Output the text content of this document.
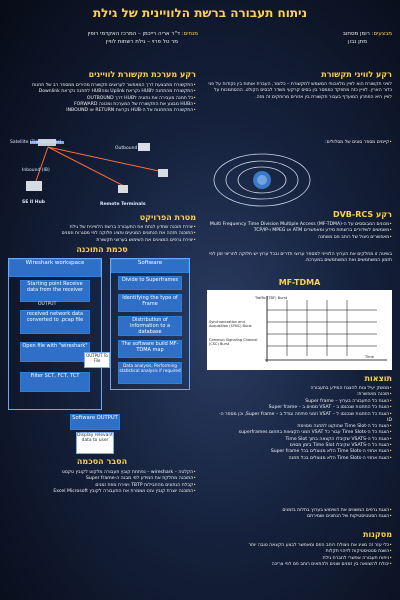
ניתוח תעבורה ברשת הלוויינית של גילת
מבצעים: רומן מסחוב
מתן נבון
מנחים: ד"ר אריה רייכמן – המרכז האקדמי רופין
מר טל פרוי – גילת רשתות לוויין
רקע לוויני תקשורת
לוויני תקשורת הוא לוויין מלאכותי המשמש לתקשורת – כלומר, העברת אותות בין נקודות על פני כדור הארץ. לוויין כזה מתפקד כממסר בין בסיס קרקעי משדר לבסיס הקולט. ההסתמכות על לוויין היא הפתרון המועדף בעבור תקשורת בין אזורים מרוחקים זה מזה.
• קיימים מספר סוגים של מסלולים:
רקע מערכת תקשורת לוויינים
• התקשורת מתבצעת דרך המאפשר לערוצים תקשורת מהירים ממספר רב של תחנות
• התקשורת מהתחנה לHUB נקראת Uplink ומהHUB לתחנה נקראת Downlink
• כל תחנה מעבירה את נתוניה לHUB דרך OUTBOUND
• הHUB מבצע את התקשורת של המערכת ומכונה FORWARD
• התקשורת מהתחנות אל ה-HUB נקראת RETURN או INBOUND
Satellite (Transponder)
Outbound (DB)
Inbound (IB)
SE II Hub	Remote Terminals
רקע DVB-RCS
• מכונים המבוססים על ה-(MF-TDMA) Multi Frequency Time Division Multiple Access
• משמשים לשידורים ברשתות מידע ומאפשרים ATM או MPEG ו-TCP/IP
• מאפשרים ניצול של רוחב פס משתנה
בשיטה זו מחלקים את הערוץ הלווייני למספר ערוצי תדרים ובכל ערוץ יש חלוקה לחריצי זמן לפי תזמון המשתמשים ואת המשתמשים במערכת.
MF-TDMA
Traffic (TBF) Burst
Synchronization and Acquisition (SYNC) Burst
Common Signaling Channel (CSC) Burst
Time
מטרת הפרויקט
• יצירת תוכנה שתדע לנתח את התעבורה ברשת הלוויינית של גילת
• התוכנה תזהה את הנתונים המגיעים ותציג חלוקה לפי מסגרות וזמנים
• יצירת גרפים המציגים את השימוש בערוצי תקשורת
סכמת התוכנה
Wireshark workspace
Starting point Receive data from the receiver
received network data converted to .pcap file
Open file with "wireshark"
Filter SCT, FCT, TCT
OUTPUT
OUTPUT To File
Software
Divide to Superframes
Identifying the type of Frame
Distribution of information to a database
The software build MF-TDMA map
Data analysis, Performing statistical analysis if required
Software OUTPUT
Display relevant data to user
הסבר הסכמה
• הקלטה – wireshark – נפתחת קובץ תעבורה מלקוט לקובץ טקסט
• התוכנה מחלקת את המידע לפי מבנה ה-Super frame
• קבלת הנתונים מהחבילות TBTP ויצירת מפת זמנים
• התוכנה יוצרת קובץ csv ושומרת את התעבורה לקובץ Excel Microsoft
תוצאות
• ממשק יעיל ונוח להצגת המידע בתעבורה
• תוכנה מאפשרת:
• הצגת כל התעבורה בערוץ – Super frame
• הצגת כל התחנות שנכנסו ב – VSAT מסוים ב – Super frame
• הצגת כל התחנות שנכנסו ל – VSAT וזמני פתיחה וגודל ב – Super frame, וכן מספר ה-ID
• הצגת כל ה-Time Slot שהוקצו לתחנה מסוימת
• הצגת כל ה-Time Slots עבור כל VSAT וזמני הקצאות בתחום superframes
• הצגת כל ה-VSATS שקיבלו הקצאה בתוך Time Slot
• הצגת כל ה-VSATS שקיבלו Time Slot בזמן מסוים
• הצגת אחוזי ה-Time Slots הלא מנוצלים בכל Super frame
• הצגת אחוזי ה-Time Slots הלא מנוצלים בכל תחנה
• הצגת גרפים המשווים את השימוש בערוץ בתלות בזמנים
• הצגת הסטטיסטיקות של הנתונים ושמירתם
מסקנות
• כלי עזר זה מציג את ניצולת רוחב הפס ומאפשר לבצע הקצאה טובה יותר
• השגת סטטיסטיקות לזיהוי תקלות
• ניתוח תעבורה אפשרי לחברת גילת
• יכולת להשוואה בין זמנים שונים ולהתאים רוחב פס לפי צריכה
